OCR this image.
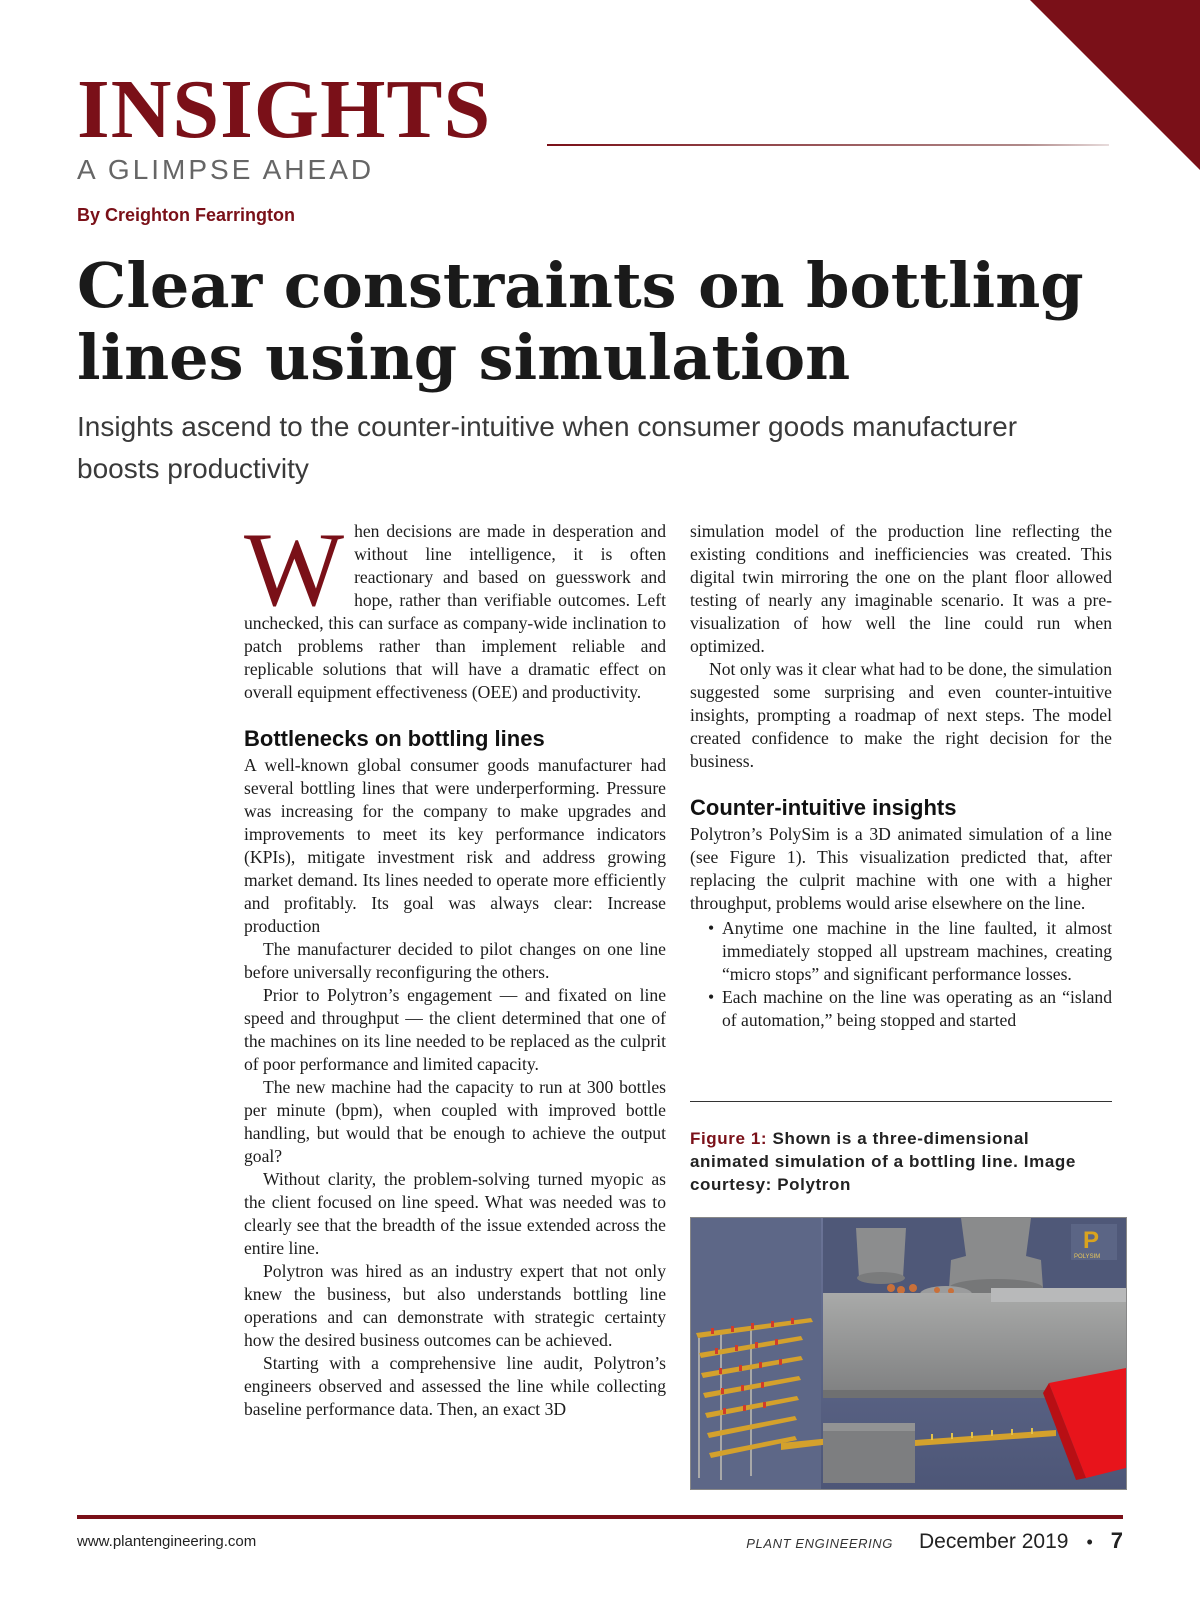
INSIGHTS
A GLIMPSE AHEAD

By Creighton Fearrington

Clear constraints on bottling lines using simulation

Insights ascend to the counter-intuitive when consumer goods manufacturer boosts productivity

When decisions are made in desperation and without line intelligence, it is often reactionary and based on guesswork and hope, rather than verifiable outcomes. Left unchecked, this can surface as company-wide inclination to patch problems rather than implement reliable and replicable solutions that will have a dramatic effect on overall equipment effectiveness (OEE) and productivity.

Bottlenecks on bottling lines

A well-known global consumer goods manufacturer had several bottling lines that were underperforming. Pressure was increasing for the company to make upgrades and improvements to meet its key performance indicators (KPIs), mitigate investment risk and address growing market demand. Its lines needed to operate more efficiently and profitably. Its goal was always clear: Increase production

The manufacturer decided to pilot changes on one line before universally reconfiguring the others.

Prior to Polytron’s engagement — and fixated on line speed and throughput — the client determined that one of the machines on its line needed to be replaced as the culprit of poor performance and limited capacity.

The new machine had the capacity to run at 300 bottles per minute (bpm), when coupled with improved bottle handling, but would that be enough to achieve the output goal?

Without clarity, the problem-solving turned myopic as the client focused on line speed. What was needed was to clearly see that the breadth of the issue extended across the entire line.

Polytron was hired as an industry expert that not only knew the business, but also understands bottling line operations and can demonstrate with strategic certainty how the desired business outcomes can be achieved.

Starting with a comprehensive line audit, Polytron’s engineers observed and assessed the line while collecting baseline performance data. Then, an exact 3D

simulation model of the production line reflecting the existing conditions and inefficiencies was created. This digital twin mirroring the one on the plant floor allowed testing of nearly any imaginable scenario. It was a pre-visualization of how well the line could run when optimized.

Not only was it clear what had to be done, the simulation suggested some surprising and even counter-intuitive insights, prompting a roadmap of next steps. The model created confidence to make the right decision for the business.

Counter-intuitive insights

Polytron’s PolySim is a 3D animated simulation of a line (see Figure 1). This visualization predicted that, after replacing the culprit machine with one with a higher throughput, problems would arise elsewhere on the line.

• Anytime one machine in the line faulted, it almost immediately stopped all upstream machines, creating “micro stops” and significant performance losses.
• Each machine on the line was operating as an “island of automation,” being stopped and started

Figure 1: Shown is a three-dimensional animated simulation of a bottling line. Image courtesy: Polytron

P
POLYSIM

www.plantengineering.com	PLANT ENGINEERING December 2019 • 7
